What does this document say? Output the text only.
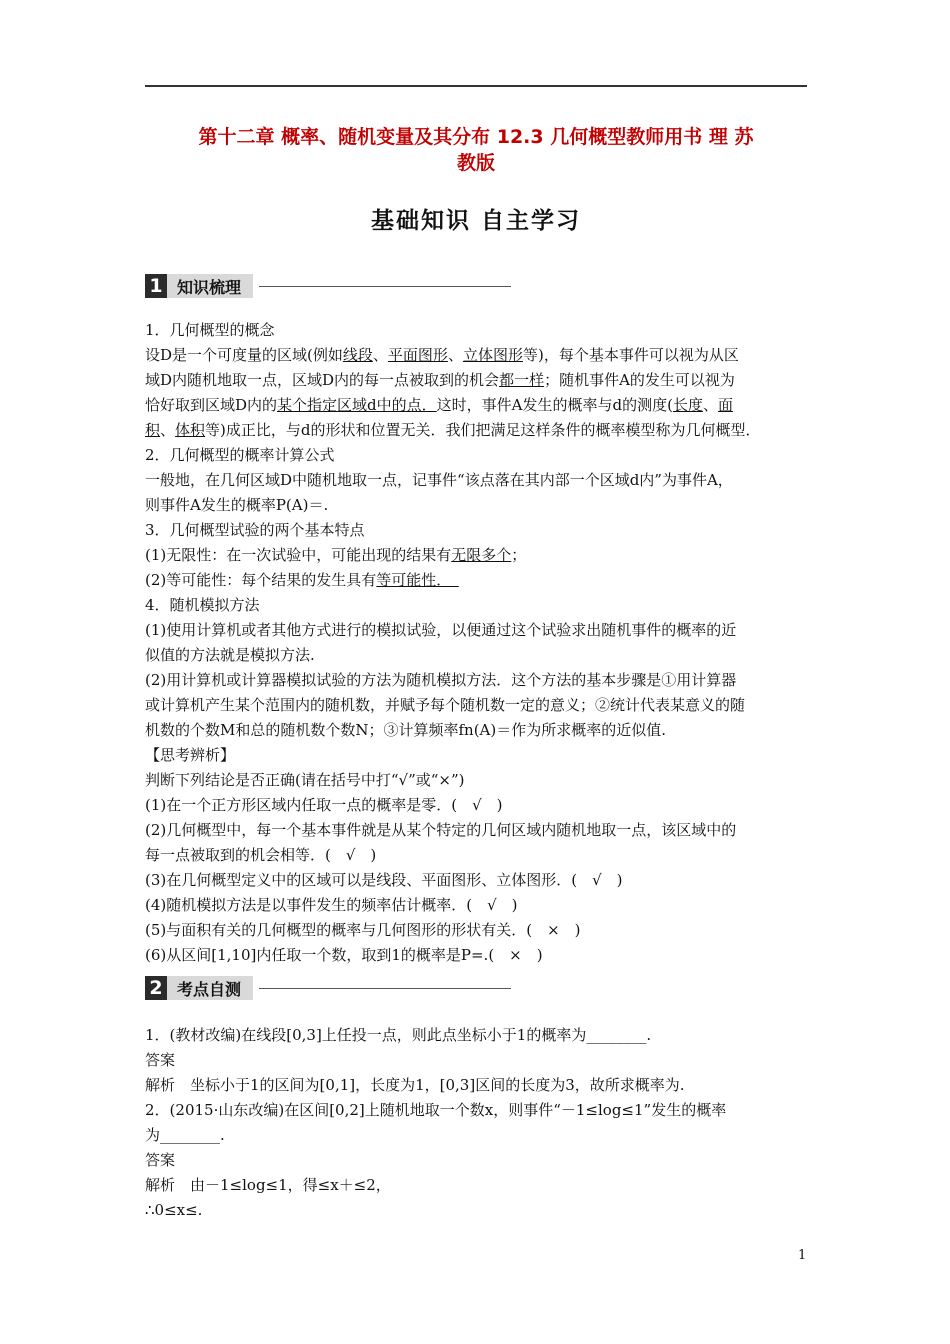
第十二章 概率、随机变量及其分布 12.3 几何概型教师用书 理 苏
教版
基础知识 自主学习
1 知识梳理

1．几何概型的概念

设D是一个可度量的区域(例如线段、平面图形、立体图形等)，每个基本事件可以视为从区

域D内随机地取一点，区域D内的每一点被取到的机会都一样；随机事件A的发生可以视为

恰好取到区域D内的某个指定区域d中的点．这时，事件A发生的概率与d的测度(长度、面

积、体积等)成正比，与d的形状和位置无关．我们把满足这样条件的概率模型称为几何概型．

2．几何概型的概率计算公式

一般地，在几何区域D中随机地取一点，记事件“该点落在其内部一个区域d内”为事件A，

则事件A发生的概率P(A)＝.

3．几何概型试验的两个基本特点

(1)无限性：在一次试验中，可能出现的结果有无限多个；

(2)等可能性：每个结果的发生具有等可能性．　

4．随机模拟方法

(1)使用计算机或者其他方式进行的模拟试验，以便通过这个试验求出随机事件的概率的近

似值的方法就是模拟方法.

(2)用计算机或计算器模拟试验的方法为随机模拟方法．这个方法的基本步骤是①用计算器

或计算机产生某个范围内的随机数，并赋予每个随机数一定的意义；②统计代表某意义的随

机数的个数M和总的随机数个数N；③计算频率fn(A)＝作为所求概率的近似值.

【思考辨析】

判断下列结论是否正确(请在括号中打“√”或“×”)

(1)在一个正方形区域内任取一点的概率是零．(　√　)

(2)几何概型中，每一个基本事件就是从某个特定的几何区域内随机地取一点，该区域中的

每一点被取到的机会相等．(　√　)

(3)在几何概型定义中的区域可以是线段、平面图形、立体图形．(　√　)

(4)随机模拟方法是以事件发生的频率估计概率．(　√　)

(5)与面积有关的几何概型的概率与几何图形的形状有关．(　×　)

(6)从区间[1,10]内任取一个数，取到1的概率是P=.(　×　)

2 考点自测

1．(教材改编)在线段[0,3]上任投一点，则此点坐标小于1的概率为________.

答案

解析　坐标小于1的区间为[0,1]，长度为1，[0,3]区间的长度为3，故所求概率为.

2．(2015·山东改编)在区间[0,2]上随机地取一个数x，则事件“－1≤log≤1”发生的概率

为________.

答案

解析　由－1≤log≤1，得≤x＋≤2，

∴0≤x≤.

1
